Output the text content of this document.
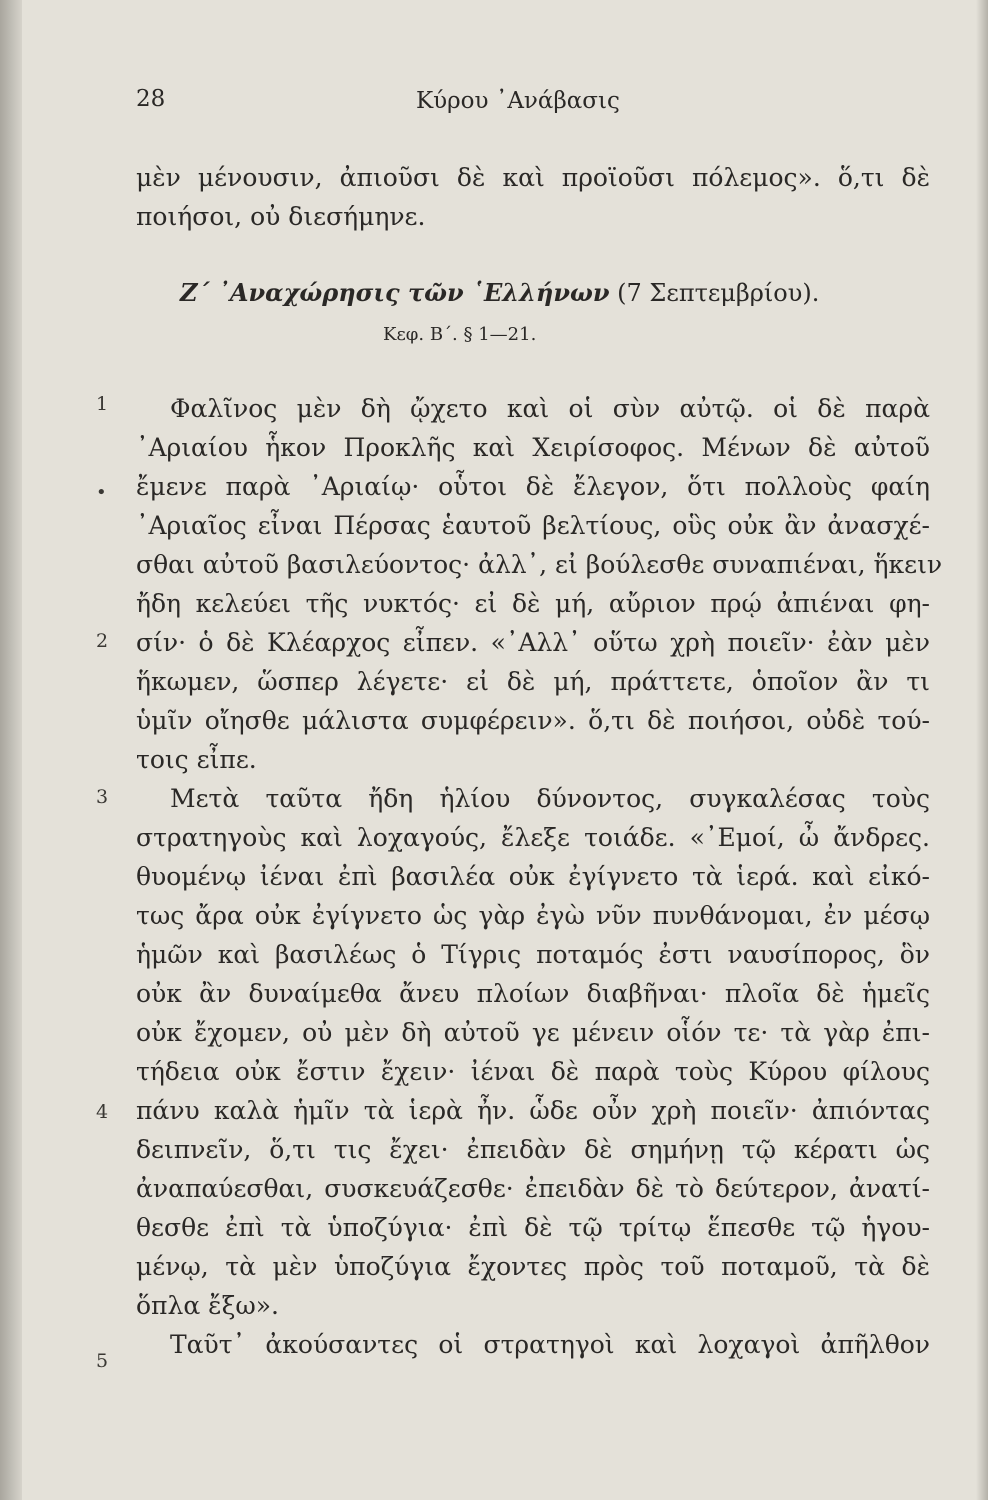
28	Κύρου ᾿Ανάβασις
μὲν μένουσιν, ἀπιοῦσι δὲ καὶ προϊοῦσι πόλεμος». ὅ,τι δὲ
ποιήσοι, οὐ διεσήμηνε.
Ζ΄ ᾿Αναχώρησις τῶν ῾Ελλήνων (7 Σεπτεμβρίου).
Κεφ. Β΄. § 1—21.
1
•
2
3
4
5
Φαλῖνος μὲν δὴ ᾤχετο καὶ οἱ σὺν αὐτῷ. οἱ δὲ παρὰ
᾿Αριαίου ἧκον Προκλῆς καὶ Χειρίσοφος. Μένων δὲ αὐτοῦ
ἔμενε παρὰ ᾿Αριαίῳ· οὗτοι δὲ ἔλεγον, ὅτι πολλοὺς φαίη
᾿Αριαῖος εἶναι Πέρσας ἑαυτοῦ βελτίους, οὓς οὐκ ἂν ἀνασχέ-
σθαι αὐτοῦ βασιλεύοντος· ἀλλ᾿, εἰ βούλεσθε συναπιέναι, ἥκειν
ἤδη κελεύει τῆς νυκτός· εἰ δὲ μή, αὔριον πρῴ ἀπιέναι φη-
σίν· ὁ δὲ Κλέαρχος εἶπεν. «᾿Αλλ᾿ οὕτω χρὴ ποιεῖν· ἐὰν μὲν
ἥκωμεν, ὥσπερ λέγετε· εἰ δὲ μή, πράττετε, ὁποῖον ἂν τι
ὑμῖν οἴησθε μάλιστα συμφέρειν». ὅ,τι δὲ ποιήσοι, οὐδὲ τού-
τοις εἶπε.
Μετὰ ταῦτα ἤδη ἡλίου δύνοντος, συγκαλέσας τοὺς
στρατηγοὺς καὶ λοχαγούς, ἔλεξε τοιάδε. «᾿Εμοί, ὦ ἄνδρες.
θυομένῳ ἰέναι ἐπὶ βασιλέα οὐκ ἐγίγνετο τὰ ἱερά. καὶ εἰκό-
τως ἄρα οὐκ ἐγίγνετο ὡς γὰρ ἐγὼ νῦν πυνθάνομαι, ἐν μέσῳ
ἡμῶν καὶ βασιλέως ὁ Τίγρις ποταμός ἐστι ναυσίπορος, ὃν
οὐκ ἂν δυναίμεθα ἄνευ πλοίων διαβῆναι· πλοῖα δὲ ἡμεῖς
οὐκ ἔχομεν, οὐ μὲν δὴ αὐτοῦ γε μένειν οἷόν τε· τὰ γὰρ ἐπι-
τήδεια οὐκ ἔστιν ἔχειν· ἰέναι δὲ παρὰ τοὺς Κύρου φίλους
πάνυ καλὰ ἡμῖν τὰ ἱερὰ ἦν. ὧδε οὖν χρὴ ποιεῖν· ἀπιόντας
δειπνεῖν, ὅ,τι τις ἔχει· ἐπειδὰν δὲ σημήνῃ τῷ κέρατι ὡς
ἀναπαύεσθαι, συσκευάζεσθε· ἐπειδὰν δὲ τὸ δεύτερον, ἀνατί-
θεσθε ἐπὶ τὰ ὑποζύγια· ἐπὶ δὲ τῷ τρίτῳ ἕπεσθε τῷ ἡγου-
μένῳ, τὰ μὲν ὑποζύγια ἔχοντες πρὸς τοῦ ποταμοῦ, τὰ δὲ
ὅπλα ἔξω».
Ταῦτ᾿ ἀκούσαντες οἱ στρατηγοὶ καὶ λοχαγοὶ ἀπῆλθον
